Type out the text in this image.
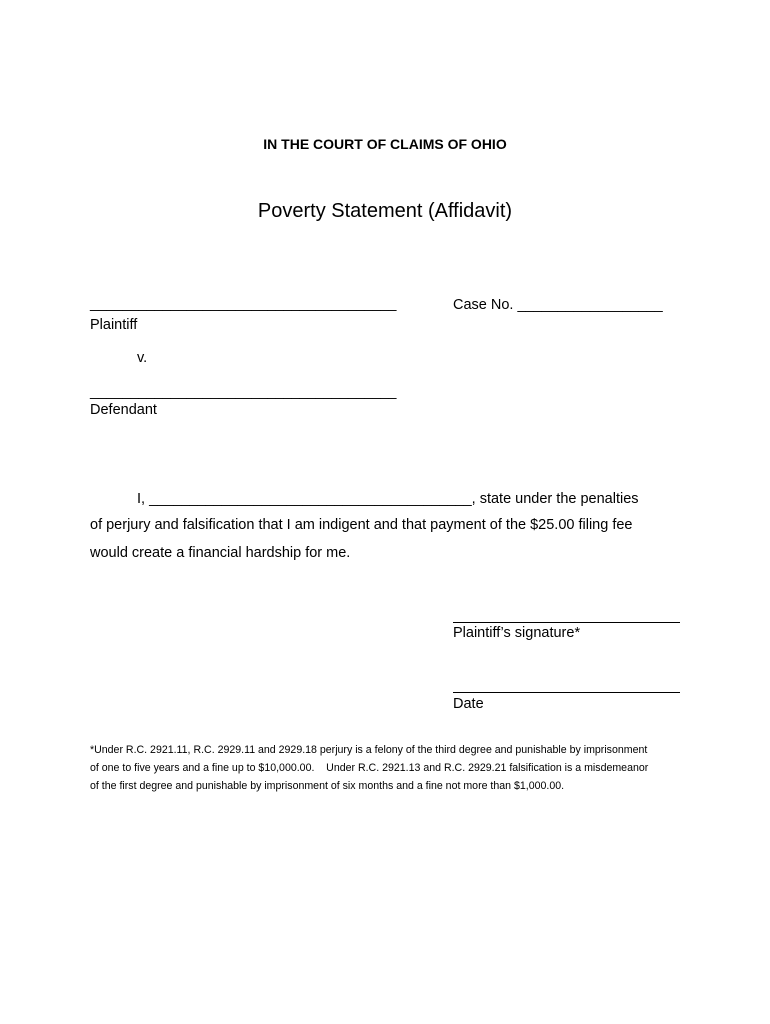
IN THE COURT OF CLAIMS OF OHIO
Poverty Statement (Affidavit)
______________________________________
Plaintiff
Case No. __________________
v.
______________________________________
Defendant
I, ________________________________________, state under the penalties
of perjury and falsification that I am indigent and that payment of the $25.00 filing fee
would create a financial hardship for me.
Plaintiff’s signature*
Date

*Under R.C. 2921.11, R.C. 2929.11 and 2929.18 perjury is a felony of the third degree and punishable by imprisonment

of one to five years and a fine up to $10,000.00.    Under R.C. 2921.13 and R.C. 2929.21 falsification is a misdemeanor

of the first degree and punishable by imprisonment of six months and a fine not more than $1,000.00.
